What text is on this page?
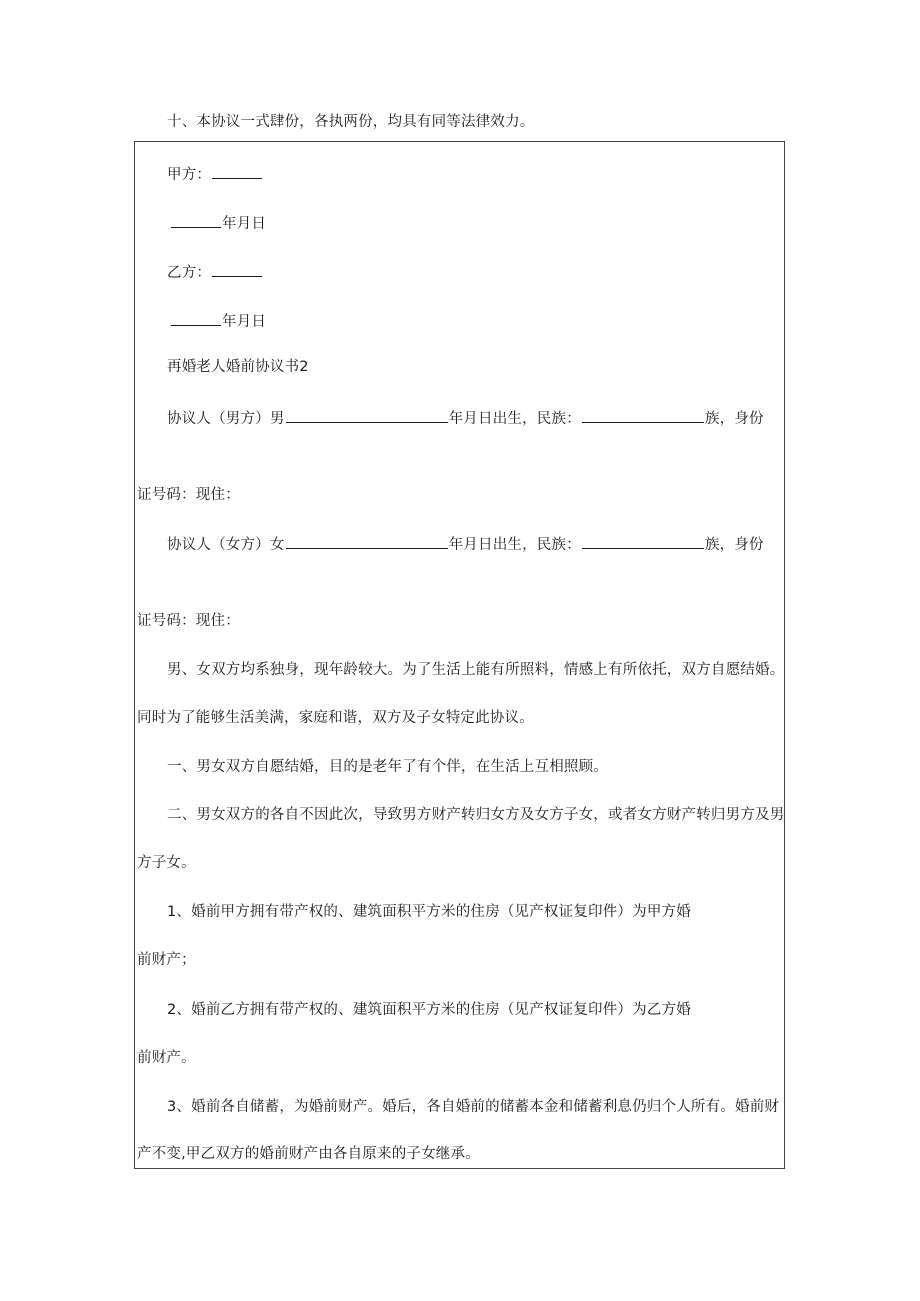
十、本协议一式肆份，各执两份，均具有同等法律效力。
甲方：
年月日
乙方：
年月日
再婚老人婚前协议书2
协议人（男方）男	年月日出生，民族：	族，身份
证号码：现住：
协议人（女方）女	年月日出生，民族：	族，身份
证号码：现住：
男、女双方均系独身，现年龄较大。为了生活上能有所照料，情感上有所依托，双方自愿结婚。
同时为了能够生活美满，家庭和谐，双方及子女特定此协议。
一、男女双方自愿结婚，目的是老年了有个伴，在生活上互相照顾。
二、男女双方的各自不因此次，导致男方财产转归女方及女方子女，或者女方财产转归男方及男
方子女。
1、婚前甲方拥有带产权的、建筑面积平方米的住房（见产权证复印件）为甲方婚
前财产；
2、婚前乙方拥有带产权的、建筑面积平方米的住房（见产权证复印件）为乙方婚
前财产。
3、婚前各自储蓄，为婚前财产。婚后，各自婚前的储蓄本金和储蓄利息仍归个人所有。婚前财
产不变,甲乙双方的婚前财产由各自原来的子女继承。
